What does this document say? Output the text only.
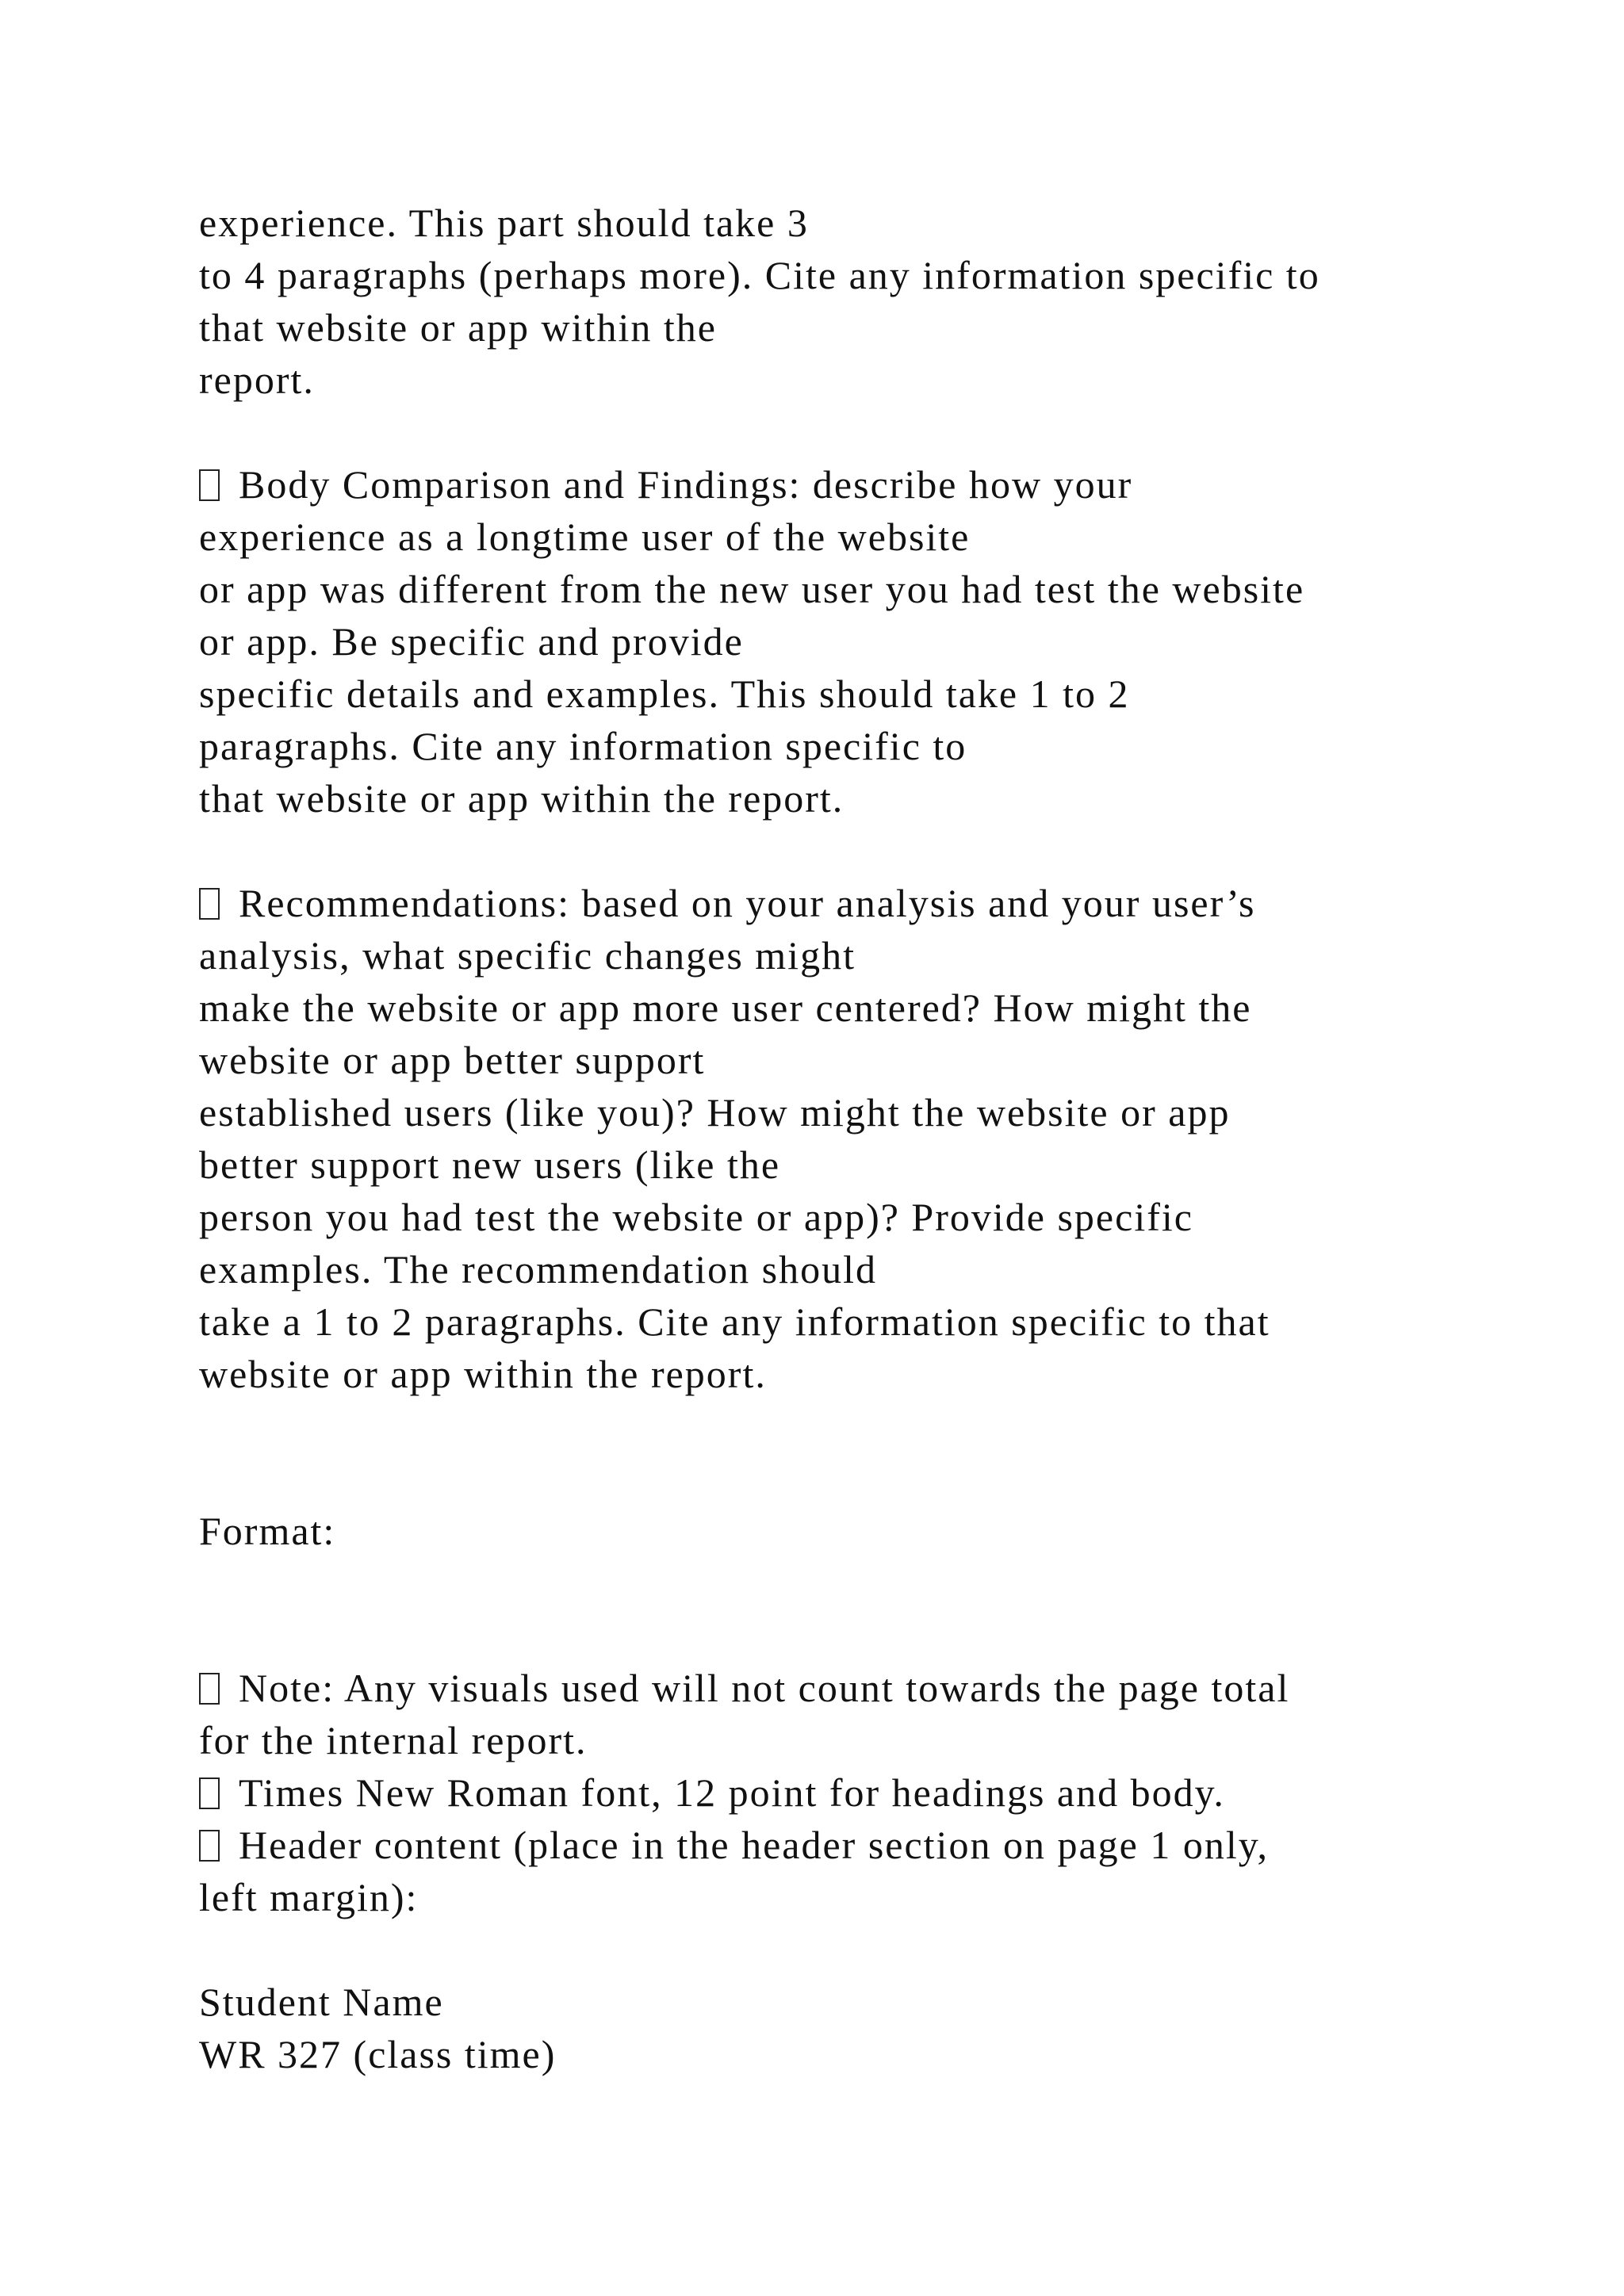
experience. This part should take 3
to 4 paragraphs (perhaps more). Cite any information specific to
that website or app within the
report.
Body Comparison and Findings: describe how your
experience as a longtime user of the website
or app was different from the new user you had test the website
or app. Be specific and provide
specific details and examples. This should take 1 to 2
paragraphs. Cite any information specific to
that website or app within the report.
Recommendations: based on your analysis and your user’s
analysis, what specific changes might
make the website or app more user centered? How might the
website or app better support
established users (like you)? How might the website or app
better support new users (like the
person you had test the website or app)? Provide specific
examples. The recommendation should
take a 1 to 2 paragraphs. Cite any information specific to that
website or app within the report.
Format:
Note: Any visuals used will not count towards the page total
for the internal report.
Times New Roman font, 12 point for headings and body.
Header content (place in the header section on page 1 only,
left margin):
Student Name
WR 327 (class time)
